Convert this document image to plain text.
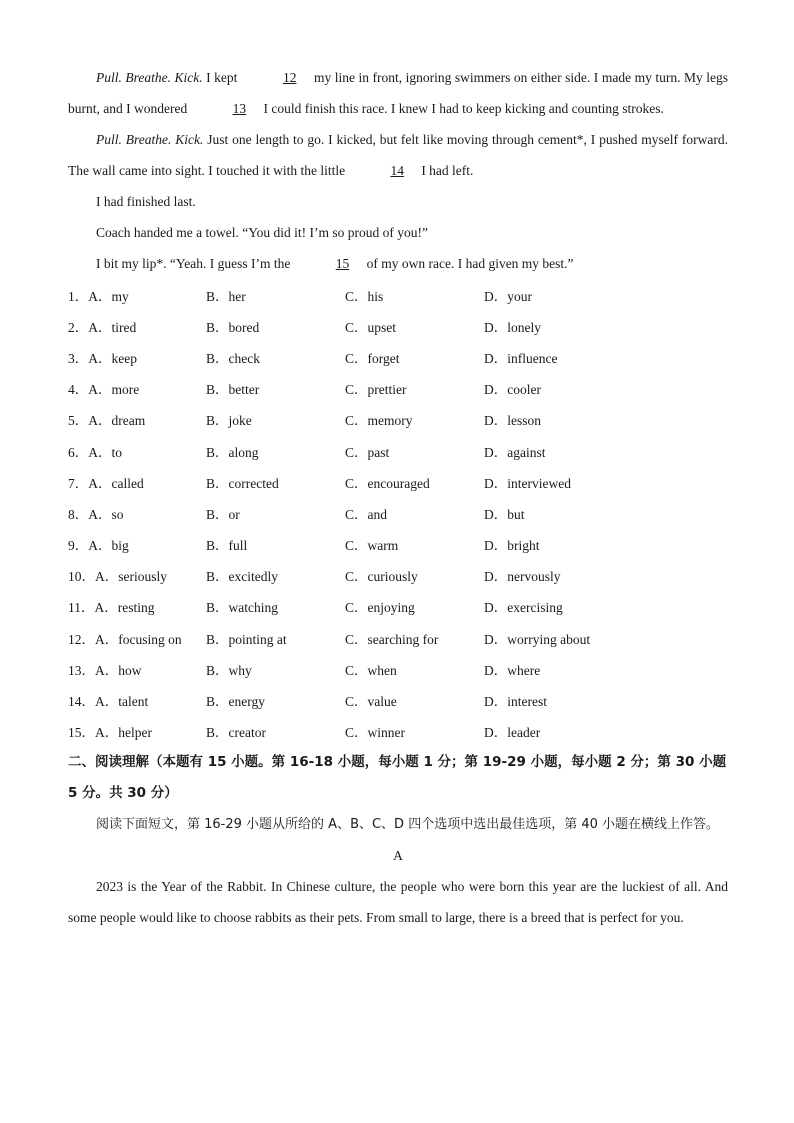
Pull. Breathe. Kick. I kept	12 my line in front, ignoring swimmers on either side. I made my turn. My legs burnt, and I wondered	13 I could finish this race. I knew I had to keep kicking and counting strokes.

Pull. Breathe. Kick. Just one length to go. I kicked, but felt like moving through cement*, I pushed myself forward. The wall came into sight. I touched it with the little	14 I had left.

I had finished last.

Coach handed me a towel. “You did it! I’m so proud of you!”

I bit my lip*. “Yeah. I guess I’m the	15 of my own race. I had given my best.”

1．A．my	B．her	C．his	D．your
2．A．tired	B．bored	C．upset	D．lonely
3．A．keep	B．check	C．forget	D．influence
4．A．more	B．better	C．prettier	D．cooler
5．A．dream	B．joke	C．memory	D．lesson
6．A．to	B．along	C．past	D．against
7．A．called	B．corrected	C．encouraged	D．interviewed
8．A．so	B．or	C．and	D．but
9．A．big	B．full	C．warm	D．bright
10．A．seriously	B．excitedly	C．curiously	D．nervously
11．A．resting	B．watching	C．enjoying	D．exercising
12．A．focusing on	B．pointing at	C．searching for	D．worrying about
13．A．how	B．why	C．when	D．where
14．A．talent	B．energy	C．value	D．interest
15．A．helper	B．creator	C．winner	D．leader

二、阅读理解（本题有 15 小题。第 16-18 小题，每小题 1 分；第 19-29 小题，每小题 2 分；第 30 小题 5 分。共 30 分）

阅读下面短文，第 16-29 小题从所给的 A、B、C、D 四个选项中选出最佳选项，第 40 小题在横线上作答。

A

2023 is the Year of the Rabbit. In Chinese culture, the people who were born this year are the luckiest of all. And some people would like to choose rabbits as their pets. From small to large, there is a breed that is perfect for you.
